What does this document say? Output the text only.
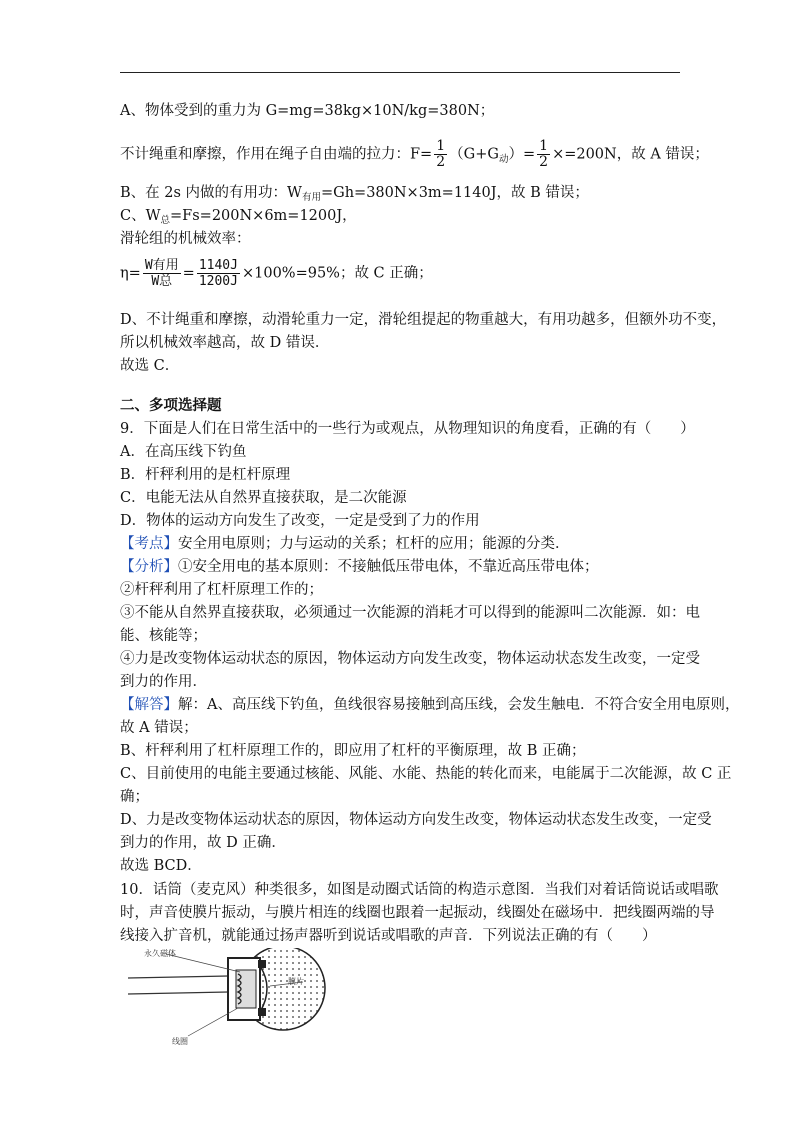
A、物体受到的重力为 G=mg=38kg×10N/kg=380N；
不计绳重和摩擦，作用在绳子自由端的拉力：$F= \frac{1}{2} (G+G_动)= \frac{1}{2} \times=200N$，故 A 错误；
B、在 2s 内做的有用功：$W_{有用}=Gh=380N\times 3m=1140J$，故 B 错误；
C、$W_总=Fs=200N\times 6m=1200J$，
滑轮组的机械效率：
$\eta= \frac{\text{W有用}}{\text{W总}} = \frac{1140J}{1200J} \times 100\%=95\%$；故 C 正确；
D、不计绳重和摩擦，动滑轮重力一定，滑轮组提起的物重越大，有用功越多，但额外功不变，
所以机械效率越高，故 D 错误．
故选 C．
二、多项选择题
9．下面是人们在日常生活中的一些行为或观点，从物理知识的角度看，正确的有（　　）
A．在高压线下钓鱼
B．杆秤利用的是杠杆原理
C．电能无法从自然界直接获取，是二次能源
D．物体的运动方向发生了改变，一定是受到了力的作用
【考点】安全用电原则；力与运动的关系；杠杆的应用；能源的分类．
【分析】①安全用电的基本原则：不接触低压带电体，不靠近高压带电体；
②杆秤利用了杠杆原理工作的；
③不能从自然界直接获取，必须通过一次能源的消耗才可以得到的能源叫二次能源．如：电
能、核能等；
④力是改变物体运动状态的原因，物体运动方向发生改变，物体运动状态发生改变，一定受
到力的作用．
【解答】解：A、高压线下钓鱼，鱼线很容易接触到高压线，会发生触电．不符合安全用电原则，
故 A 错误；
B、杆秤利用了杠杆原理工作的，即应用了杠杆的平衡原理，故 B 正确；
C、目前使用的电能主要通过核能、风能、水能、热能的转化而来，电能属于二次能源，故 C 正
确；
D、力是改变物体运动状态的原因，物体运动方向发生改变，物体运动状态发生改变，一定受
到力的作用，故 D 正确．
故选 BCD．
10．话筒（麦克风）种类很多，如图是动圈式话筒的构造示意图．当我们对着话筒说话或唱歌
时，声音使膜片振动，与膜片相连的线圈也跟着一起振动，线圈处在磁场中．把线圈两端的导
线接入扩音机，就能通过扬声器听到说话或唱歌的声音．下列说法正确的有（　　）
永久磁体
膜片
线圈
